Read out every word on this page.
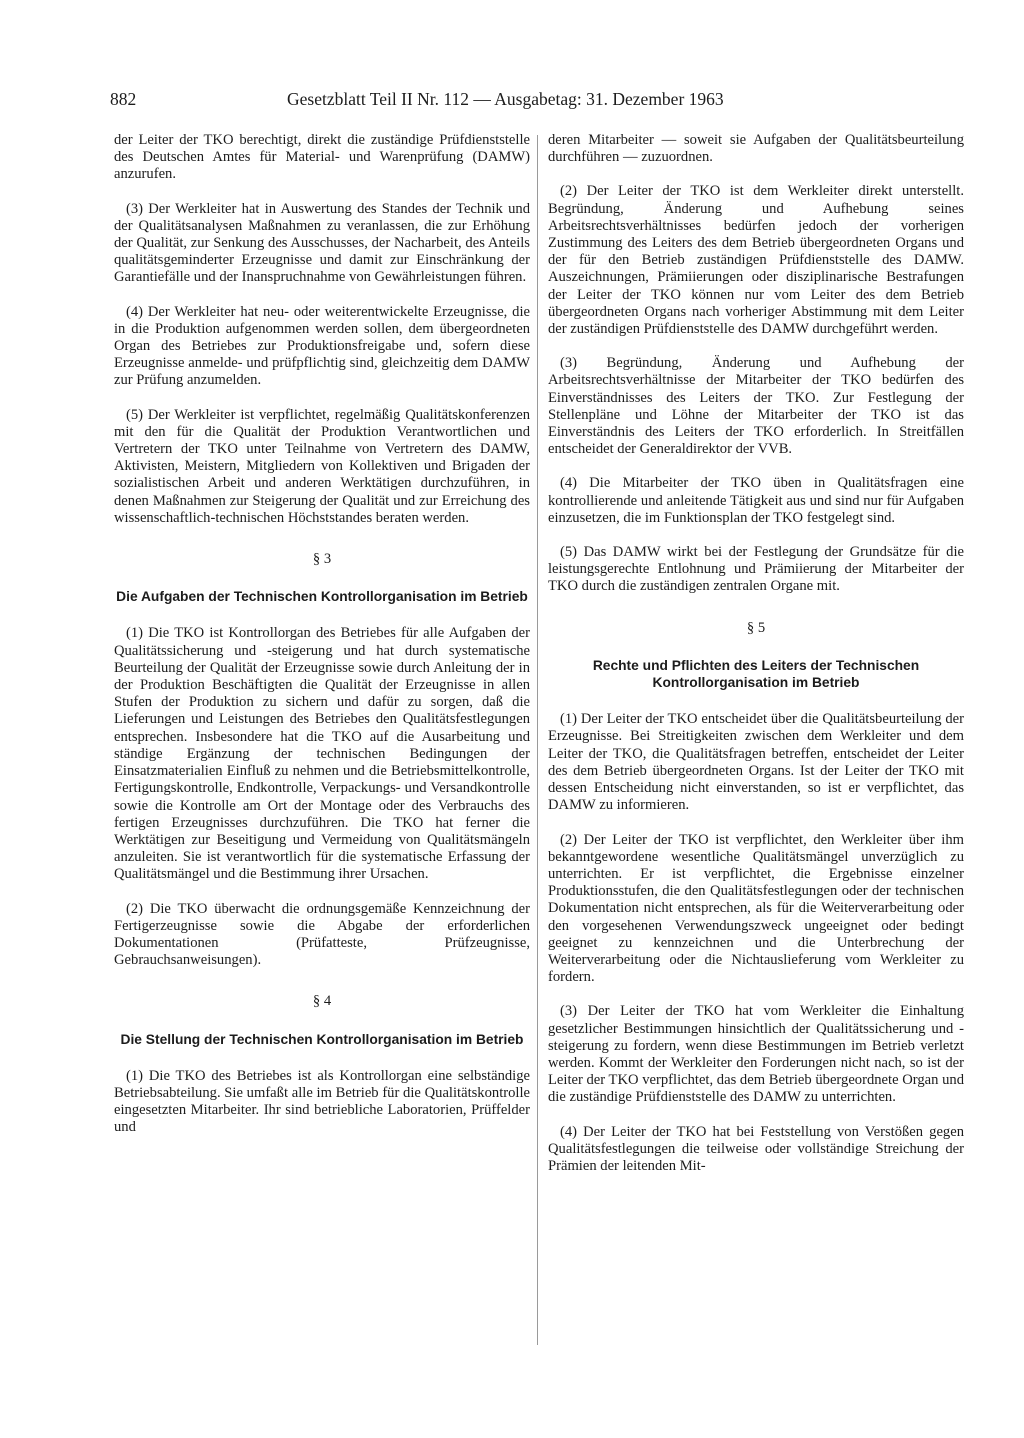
882	Gesetzblatt Teil II Nr. 112 — Ausgabetag: 31. Dezember 1963

der Leiter der TKO berechtigt, direkt die zuständige Prüfdienststelle des Deutschen Amtes für Material- und Warenprüfung (DAMW) anzurufen.

(3) Der Werkleiter hat in Auswertung des Standes der Technik und der Qualitätsanalysen Maßnahmen zu veranlassen, die zur Erhöhung der Qualität, zur Senkung des Ausschusses, der Nacharbeit, des Anteils qualitätsgeminderter Erzeugnisse und damit zur Einschränkung der Garantiefälle und der Inanspruchnahme von Gewährleistungen führen.

(4) Der Werkleiter hat neu- oder weiterentwickelte Erzeugnisse, die in die Produktion aufgenommen werden sollen, dem übergeordneten Organ des Betriebes zur Produktionsfreigabe und, sofern diese Erzeugnisse anmelde- und prüfpflichtig sind, gleichzeitig dem DAMW zur Prüfung anzumelden.

(5) Der Werkleiter ist verpflichtet, regelmäßig Qualitätskonferenzen mit den für die Qualität der Produktion Verantwortlichen und Vertretern der TKO unter Teilnahme von Vertretern des DAMW, Aktivisten, Meistern, Mitgliedern von Kollektiven und Brigaden der sozialistischen Arbeit und anderen Werktätigen durchzuführen, in denen Maßnahmen zur Steigerung der Qualität und zur Erreichung des wissenschaftlich-technischen Höchststandes beraten werden.

§ 3
Die Aufgaben der Technischen Kontrollorganisation im Betrieb

(1) Die TKO ist Kontrollorgan des Betriebes für alle Aufgaben der Qualitätssicherung und -steigerung und hat durch systematische Beurteilung der Qualität der Erzeugnisse sowie durch Anleitung der in der Produktion Beschäftigten die Qualität der Erzeugnisse in allen Stufen der Produktion zu sichern und dafür zu sorgen, daß die Lieferungen und Leistungen des Betriebes den Qualitätsfestlegungen entsprechen. Insbesondere hat die TKO auf die Ausarbeitung und ständige Ergänzung der technischen Bedingungen der Einsatzmaterialien Einfluß zu nehmen und die Betriebsmittelkontrolle, Fertigungskontrolle, Endkontrolle, Verpackungs- und Versandkontrolle sowie die Kontrolle am Ort der Montage oder des Verbrauchs des fertigen Erzeugnisses durchzuführen. Die TKO hat ferner die Werktätigen zur Beseitigung und Vermeidung von Qualitätsmängeln anzuleiten. Sie ist verantwortlich für die systematische Erfassung der Qualitätsmängel und die Bestimmung ihrer Ursachen.

(2) Die TKO überwacht die ordnungsgemäße Kennzeichnung der Fertigerzeugnisse sowie die Abgabe der erforderlichen Dokumentationen (Prüfatteste, Prüfzeugnisse, Gebrauchsanweisungen).

§ 4
Die Stellung der Technischen Kontrollorganisation im Betrieb

(1) Die TKO des Betriebes ist als Kontrollorgan eine selbständige Betriebsabteilung. Sie umfaßt alle im Betrieb für die Qualitätskontrolle eingesetzten Mitarbeiter. Ihr sind betriebliche Laboratorien, Prüffelder und

deren Mitarbeiter — soweit sie Aufgaben der Qualitätsbeurteilung durchführen — zuzuordnen.

(2) Der Leiter der TKO ist dem Werkleiter direkt unterstellt. Begründung, Änderung und Aufhebung seines Arbeitsrechtsverhältnisses bedürfen jedoch der vorherigen Zustimmung des Leiters des dem Betrieb übergeordneten Organs und der für den Betrieb zuständigen Prüfdienststelle des DAMW. Auszeichnungen, Prämiierungen oder disziplinarische Bestrafungen der Leiter der TKO können nur vom Leiter des dem Betrieb übergeordneten Organs nach vorheriger Abstimmung mit dem Leiter der zuständigen Prüfdienststelle des DAMW durchgeführt werden.

(3) Begründung, Änderung und Aufhebung der Arbeitsrechtsverhältnisse der Mitarbeiter der TKO bedürfen des Einverständnisses des Leiters der TKO. Zur Festlegung der Stellenpläne und Löhne der Mitarbeiter der TKO ist das Einverständnis des Leiters der TKO erforderlich. In Streitfällen entscheidet der Generaldirektor der VVB.

(4) Die Mitarbeiter der TKO üben in Qualitätsfragen eine kontrollierende und anleitende Tätigkeit aus und sind nur für Aufgaben einzusetzen, die im Funktionsplan der TKO festgelegt sind.

(5) Das DAMW wirkt bei der Festlegung der Grundsätze für die leistungsgerechte Entlohnung und Prämiierung der Mitarbeiter der TKO durch die zuständigen zentralen Organe mit.

§ 5
Rechte und Pflichten des Leiters der Technischen Kontrollorganisation im Betrieb

(1) Der Leiter der TKO entscheidet über die Qualitätsbeurteilung der Erzeugnisse. Bei Streitigkeiten zwischen dem Werkleiter und dem Leiter der TKO, die Qualitätsfragen betreffen, entscheidet der Leiter des dem Betrieb übergeordneten Organs. Ist der Leiter der TKO mit dessen Entscheidung nicht einverstanden, so ist er verpflichtet, das DAMW zu informieren.

(2) Der Leiter der TKO ist verpflichtet, den Werkleiter über ihm bekanntgewordene wesentliche Qualitätsmängel unverzüglich zu unterrichten. Er ist verpflichtet, die Ergebnisse einzelner Produktionsstufen, die den Qualitätsfestlegungen oder der technischen Dokumentation nicht entsprechen, als für die Weiterverarbeitung oder den vorgesehenen Verwendungszweck ungeeignet oder bedingt geeignet zu kennzeichnen und die Unterbrechung der Weiterverarbeitung oder die Nichtauslieferung vom Werkleiter zu fordern.

(3) Der Leiter der TKO hat vom Werkleiter die Einhaltung gesetzlicher Bestimmungen hinsichtlich der Qualitätssicherung und -steigerung zu fordern, wenn diese Bestimmungen im Betrieb verletzt werden. Kommt der Werkleiter den Forderungen nicht nach, so ist der Leiter der TKO verpflichtet, das dem Betrieb übergeordnete Organ und die zuständige Prüfdienststelle des DAMW zu unterrichten.

(4) Der Leiter der TKO hat bei Feststellung von Verstößen gegen Qualitätsfestlegungen die teilweise oder vollständige Streichung der Prämien der leitenden Mit-
